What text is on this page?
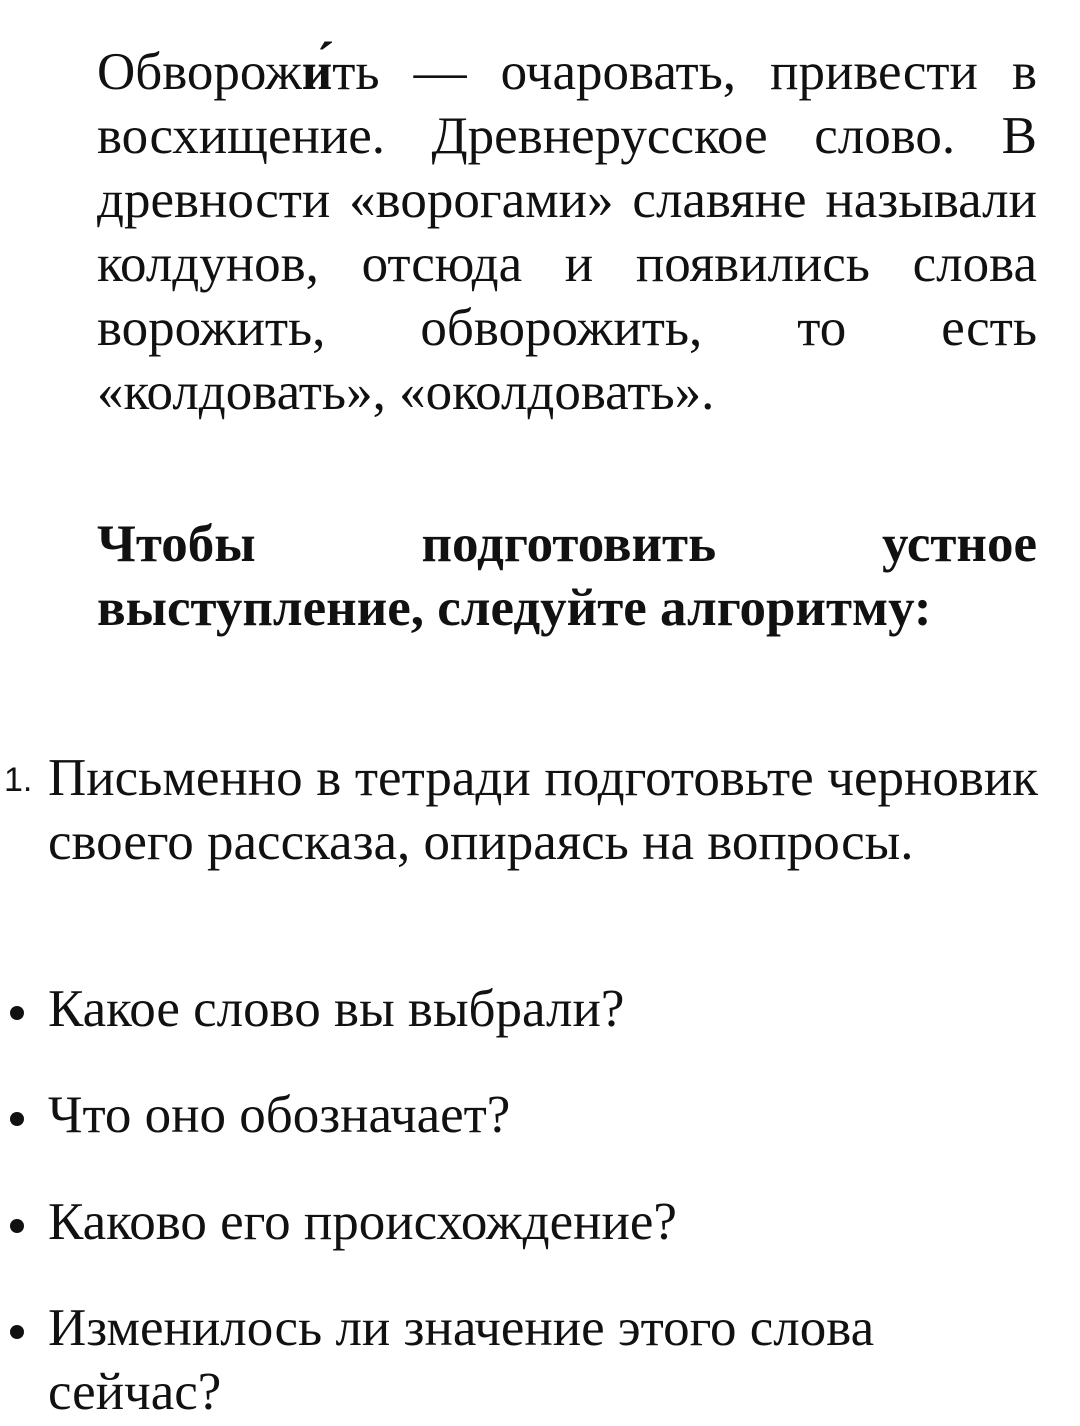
Обворожи́ть — очаровать, привести в восхищение. Древнерусское слово. В древности «ворогами» славяне называли колдунов, отсюда и появились слова ворожить, обворожить, то есть «колдовать», «околдовать».

Чтобы подготовить устное выступление, следуйте алгоритму:

1. Письменно в тетради подготовьте черновик своего рассказа, опираясь на вопросы.

Какое слово вы выбрали?

Что оно обозначает?

Каково его происхождение?

Изменилось ли значение этого слова сейчас?
